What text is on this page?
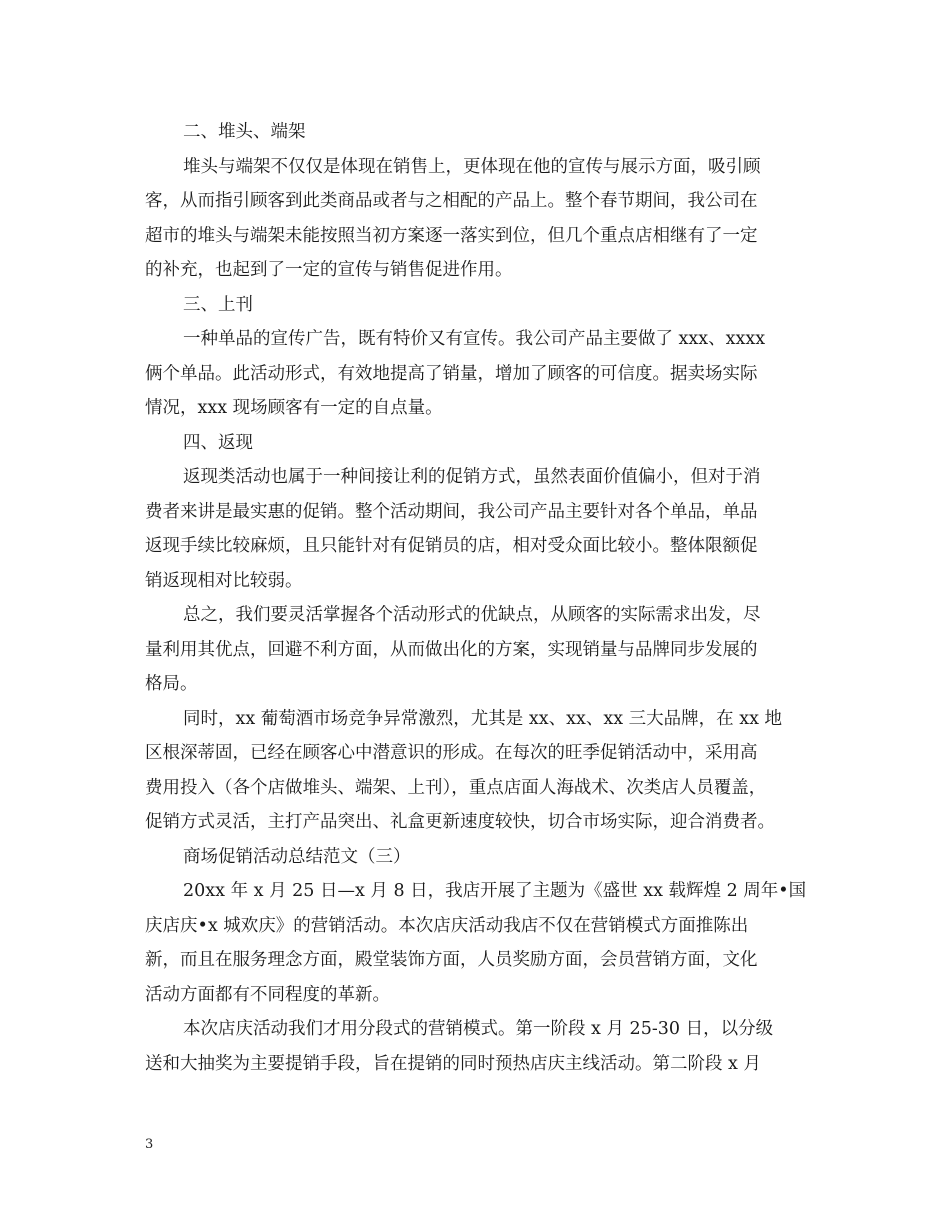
二、堆头、端架
堆头与端架不仅仅是体现在销售上，更体现在他的宣传与展示方面，吸引顾
客，从而指引顾客到此类商品或者与之相配的产品上。整个春节期间，我公司在
超市的堆头与端架未能按照当初方案逐一落实到位，但几个重点店相继有了一定
的补充，也起到了一定的宣传与销售促进作用。
三、上刊
一种单品的宣传广告，既有特价又有宣传。我公司产品主要做了 xxx、xxxx
俩个单品。此活动形式，有效地提高了销量，增加了顾客的可信度。据卖场实际
情况，xxx 现场顾客有一定的自点量。
四、返现
返现类活动也属于一种间接让利的促销方式，虽然表面价值偏小，但对于消
费者来讲是最实惠的促销。整个活动期间，我公司产品主要针对各个单品，单品
返现手续比较麻烦，且只能针对有促销员的店，相对受众面比较小。整体限额促
销返现相对比较弱。
总之，我们要灵活掌握各个活动形式的优缺点，从顾客的实际需求出发，尽
量利用其优点，回避不利方面，从而做出化的方案，实现销量与品牌同步发展的
格局。
同时，xx 葡萄酒市场竞争异常激烈，尤其是 xx、xx、xx 三大品牌，在 xx 地
区根深蒂固，已经在顾客心中潜意识的形成。在每次的旺季促销活动中，采用高
费用投入（各个店做堆头、端架、上刊），重点店面人海战术、次类店人员覆盖，
促销方式灵活，主打产品突出、礼盒更新速度较快，切合市场实际，迎合消费者。
商场促销活动总结范文（三）
20xx 年 x 月 25 日—x 月 8 日，我店开展了主题为《盛世 xx 载辉煌 2 周年•国
庆店庆•x 城欢庆》的营销活动。本次店庆活动我店不仅在营销模式方面推陈出
新，而且在服务理念方面，殿堂装饰方面，人员奖励方面，会员营销方面，文化
活动方面都有不同程度的革新。
本次店庆活动我们才用分段式的营销模式。第一阶段 x 月 25-30 日，以分级
送和大抽奖为主要提销手段，旨在提销的同时预热店庆主线活动。第二阶段 x 月
3
